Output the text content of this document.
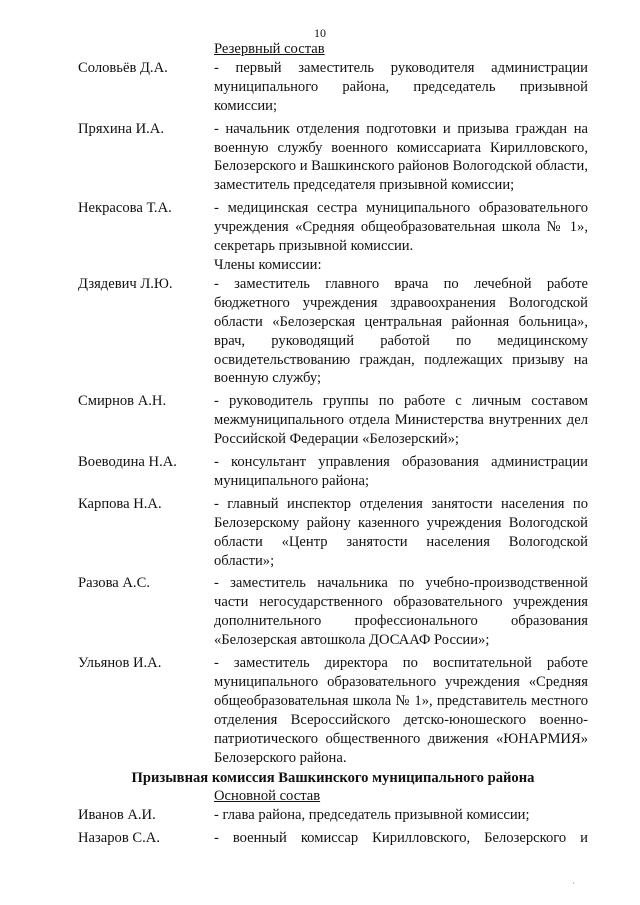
10
Резервный состав
Соловьёв Д.А.	- первый заместитель руководителя администрации муниципального района, председатель призывной комиссии;
Пряхина И.А.	- начальник отделения подготовки и призыва граждан на военную службу военного комиссариата Кирилловского, Белозерского и Вашкинского районов Вологодской области, заместитель председателя призывной комиссии;
Некрасова Т.А.	- медицинская сестра муниципального образовательного учреждения «Средняя общеобразовательная школа № 1», секретарь призывной комиссии.
Члены комиссии:
Дзядевич Л.Ю.	- заместитель главного врача по лечебной работе бюджетного учреждения здравоохранения Вологодской области «Белозерская центральная районная больница», врач, руководящий работой по медицинскому освидетельствованию граждан, подлежащих призыву на военную службу;
Смирнов А.Н.	- руководитель группы по работе с личным составом межмуниципального отдела Министерства внутренних дел Российской Федерации «Белозерский»;
Воеводина Н.А.	- консультант управления образования администрации муниципального района;
Карпова Н.А.	- главный инспектор отделения занятости населения по Белозерскому району казенного учреждения Вологодской области «Центр занятости населения Вологодской области»;
Разова А.С.	- заместитель начальника по учебно-производственной части негосударственного образовательного учреждения дополнительного профессионального образования «Белозерская автошкола ДОСААФ России»;
Ульянов И.А.	- заместитель директора по воспитательной работе муниципального образовательного учреждения «Средняя общеобразовательная школа № 1», представитель местного отделения Всероссийского детско-юношеского военно-патриотического общественного движения «ЮНАРМИЯ» Белозерского района.
Призывная комиссия Вашкинского муниципального района
Основной состав
Иванов А.И.	- глава района, председатель призывной комиссии;
Назаров С.А.	- военный комиссар Кирилловского, Белозерского и
·
